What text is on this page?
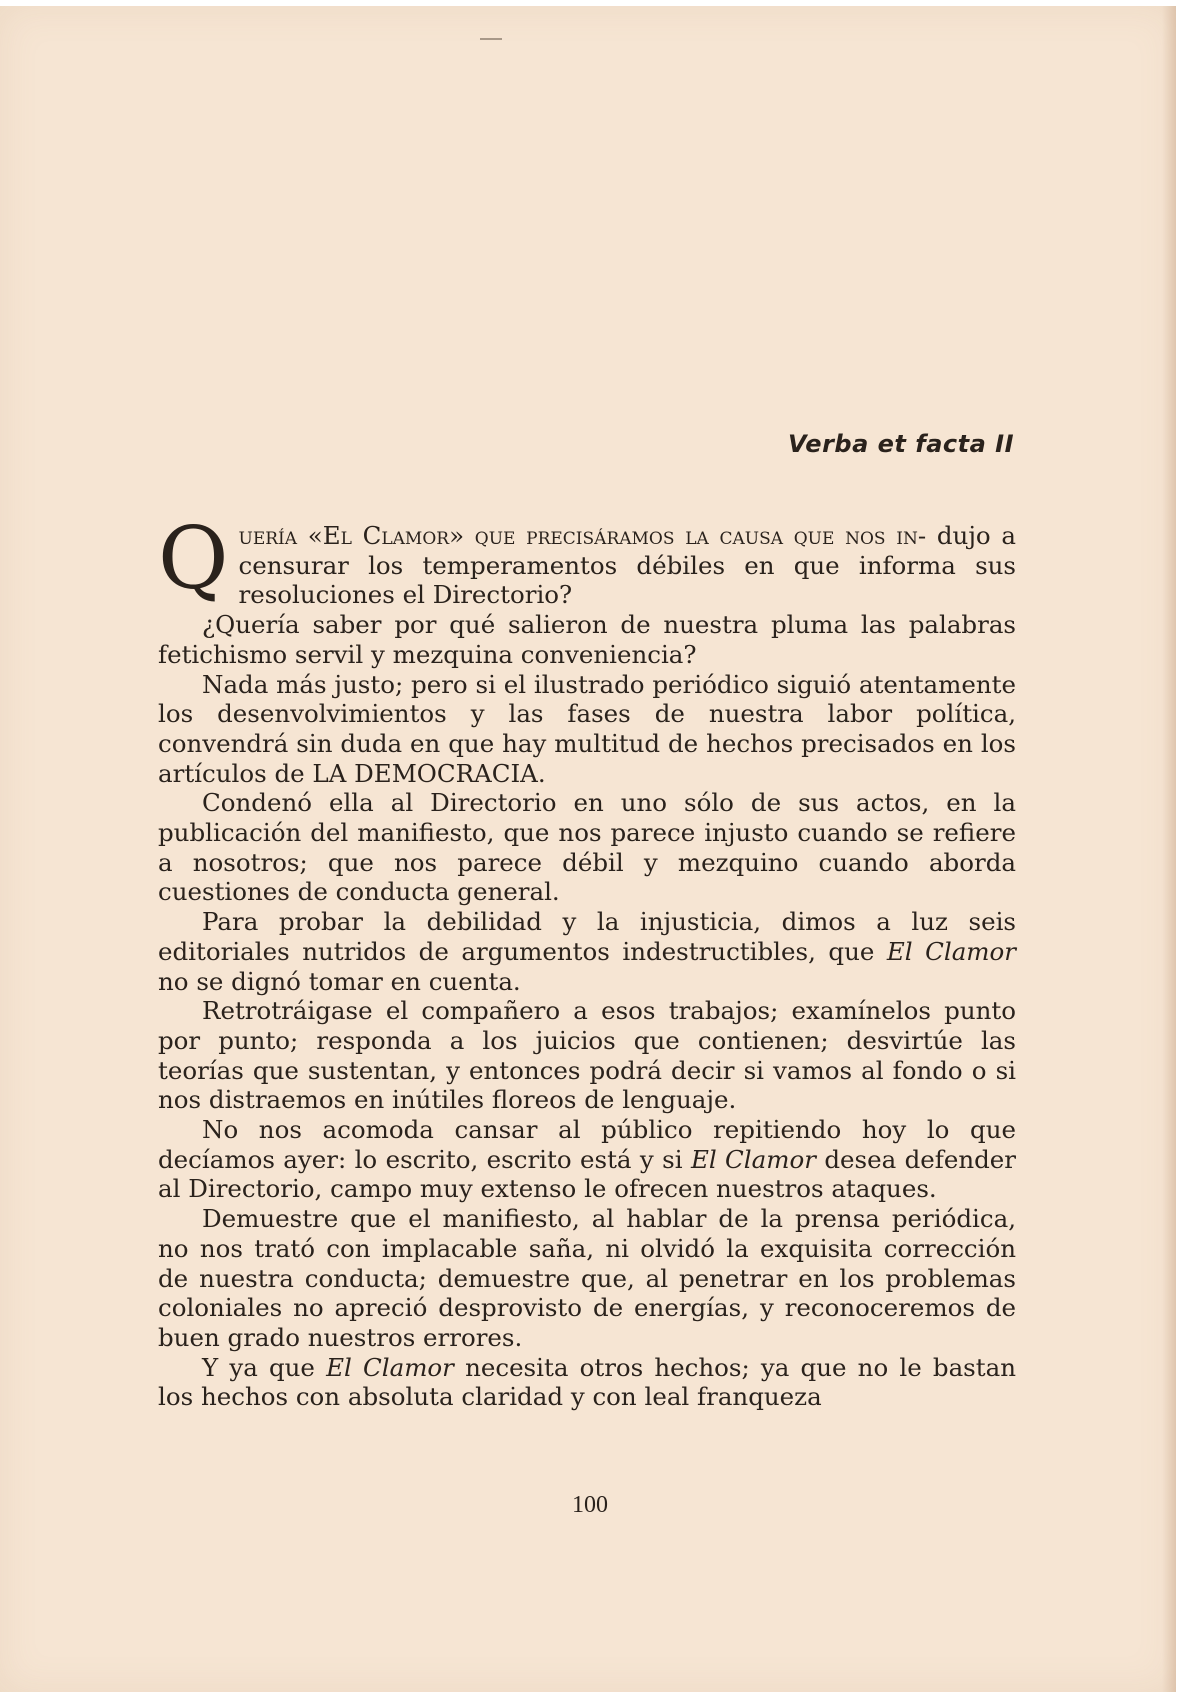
Verba et facta II

Quería «El Clamor» que precisáramos la causa que nos in- dujo a censurar los temperamentos débiles en que informa sus resoluciones el Directorio?

¿Quería saber por qué salieron de nuestra pluma las palabras fetichismo servil y mezquina conveniencia?

Nada más justo; pero si el ilustrado periódico siguió atentamente los desenvolvimientos y las fases de nuestra labor política, convendrá sin duda en que hay multitud de hechos precisados en los artículos de LA DEMOCRACIA.

Condenó ella al Directorio en uno sólo de sus actos, en la publicación del manifiesto, que nos parece injusto cuando se refiere a nosotros; que nos parece débil y mezquino cuando aborda cuestiones de conducta general.

Para probar la debilidad y la injusticia, dimos a luz seis editoriales nutridos de argumentos indestructibles, que El Clamor no se dignó tomar en cuenta.

Retrotráigase el compañero a esos trabajos; examínelos punto por punto; responda a los juicios que contienen; desvirtúe las teorías que sustentan, y entonces podrá decir si vamos al fondo o si nos distraemos en inútiles floreos de lenguaje.

No nos acomoda cansar al público repitiendo hoy lo que decíamos ayer: lo escrito, escrito está y si El Clamor desea defender al Directorio, campo muy extenso le ofrecen nuestros ataques.

Demuestre que el manifiesto, al hablar de la prensa periódica, no nos trató con implacable saña, ni olvidó la exquisita corrección de nuestra conducta; demuestre que, al penetrar en los problemas coloniales no apreció desprovisto de energías, y reconoceremos de buen grado nuestros errores.

Y ya que El Clamor necesita otros hechos; ya que no le bastan los hechos con absoluta claridad y con leal franqueza

100
